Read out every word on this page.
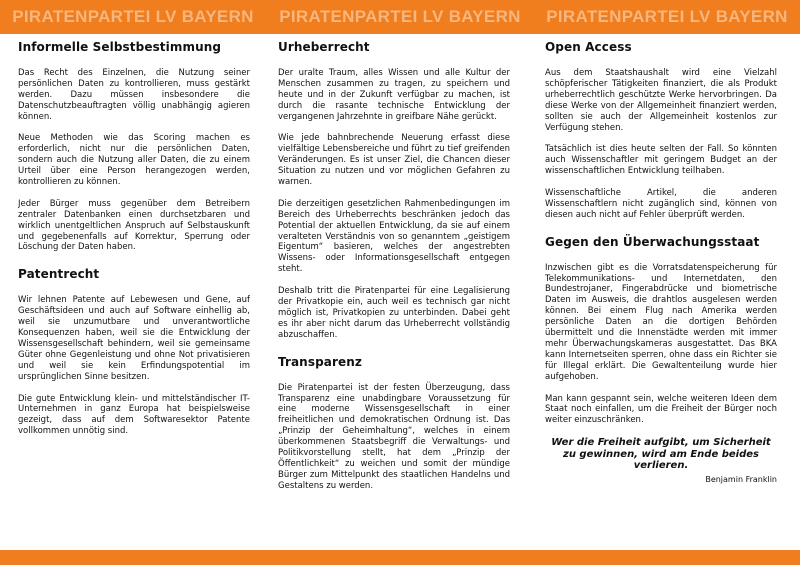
PIRATENPARTEI LV BAYERN	PIRATENPARTEI LV BAYERN	PIRATENPARTEI LV BAYERN
Informelle Selbstbestimmung

Das Recht des Einzelnen, die Nutzung seiner persönlichen Daten zu kontrollieren, muss gestärkt werden. Dazu müssen insbesondere die Datenschutzbeauftragten völlig unabhängig agieren können.

Neue Methoden wie das Scoring machen es erforderlich, nicht nur die persönlichen Daten, sondern auch die Nutzung aller Daten, die zu einem Urteil über eine Person herangezogen werden, kontrollieren zu können.

Jeder Bürger muss gegenüber dem Betreibern zentraler Datenbanken einen durchsetzbaren und wirklich unentgeltlichen Anspruch auf Selbstauskunft und gegebenenfalls auf Korrektur, Sperrung oder Löschung der Daten haben.

Patentrecht

Wir lehnen Patente auf Lebewesen und Gene, auf Geschäftsideen und auch auf Software einhellig ab, weil sie unzumutbare und unverantwortliche Konsequenzen haben, weil sie die Entwicklung der Wissensgesellschaft behindern, weil sie gemeinsame Güter ohne Gegenleistung und ohne Not privatisieren und weil sie kein Erfindungspotential im ursprünglichen Sinne besitzen.

Die gute Entwicklung klein- und mittelständischer IT-Unternehmen in ganz Europa hat beispielsweise gezeigt, dass auf dem Softwaresektor Patente vollkommen unnötig sind.

Urheberrecht

Der uralte Traum, alles Wissen und alle Kultur der Menschen zusammen zu tragen, zu speichern und heute und in der Zukunft verfügbar zu machen, ist durch die rasante technische Entwicklung der vergangenen Jahrzehnte in greifbare Nähe gerückt.

Wie jede bahnbrechende Neuerung erfasst diese vielfältige Lebensbereiche und führt zu tief greifenden Veränderungen. Es ist unser Ziel, die Chancen dieser Situation zu nutzen und vor möglichen Gefahren zu warnen.

Die derzeitigen gesetzlichen Rahmenbedingungen im Bereich des Urheberrechts beschränken jedoch das Potential der aktuellen Entwicklung, da sie auf einem veralteten Verständnis von so genanntem „geistigem Eigentum“ basieren, welches der angestrebten Wissens- oder Informationsgesellschaft entgegen steht.

Deshalb tritt die Piratenpartei für eine Legalisierung der Privatkopie ein, auch weil es technisch gar nicht möglich ist, Privatkopien zu unterbinden. Dabei geht es ihr aber nicht darum das Urheberrecht vollständig abzuschaffen.

Transparenz

Die Piratenpartei ist der festen Überzeugung, dass Transparenz eine unabdingbare Voraussetzung für eine moderne Wissensgesellschaft in einer freiheitlichen und demokratischen Ordnung ist. Das „Prinzip der Geheimhaltung“, welches in einem überkommenen Staatsbegriff die Verwaltungs- und Politikvorstellung stellt, hat dem „Prinzip der Öffentlichkeit“ zu weichen und somit der mündige Bürger zum Mittelpunkt des staatlichen Handelns und Gestaltens zu werden.

Open Access

Aus dem Staatshaushalt wird eine Vielzahl schöpferischer Tätigkeiten finanziert, die als Produkt urheberrechtlich geschützte Werke hervorbringen. Da diese Werke von der Allgemeinheit finanziert werden, sollten sie auch der Allgemeinheit kostenlos zur Verfügung stehen.

Tatsächlich ist dies heute selten der Fall. So könnten auch Wissenschaftler mit geringem Budget an der wissenschaftlichen Entwicklung teilhaben.

Wissenschaftliche Artikel, die anderen Wissenschaftlern nicht zugänglich sind, können von diesen auch nicht auf Fehler überprüft werden.

Gegen den Überwachungsstaat

Inzwischen gibt es die Vorratsdatenspeicherung für Telekommunikations- und Internetdaten, den Bundestrojaner, Fingerabdrücke und biometrische Daten im Ausweis, die drahtlos ausgelesen werden können. Bei einem Flug nach Amerika werden persönliche Daten an die dortigen Behörden übermittelt und die Innenstädte werden mit immer mehr Überwachungskameras ausgestattet. Das BKA kann Internetseiten sperren, ohne dass ein Richter sie für Illegal erklärt. Die Gewaltenteilung wurde hier aufgehoben.

Man kann gespannt sein, welche weiteren Ideen dem Staat noch einfallen, um die Freiheit der Bürger noch weiter einzuschränken.

Wer die Freiheit aufgibt, um Sicherheit zu gewinnen, wird am Ende beides verlieren.
Benjamin Franklin
